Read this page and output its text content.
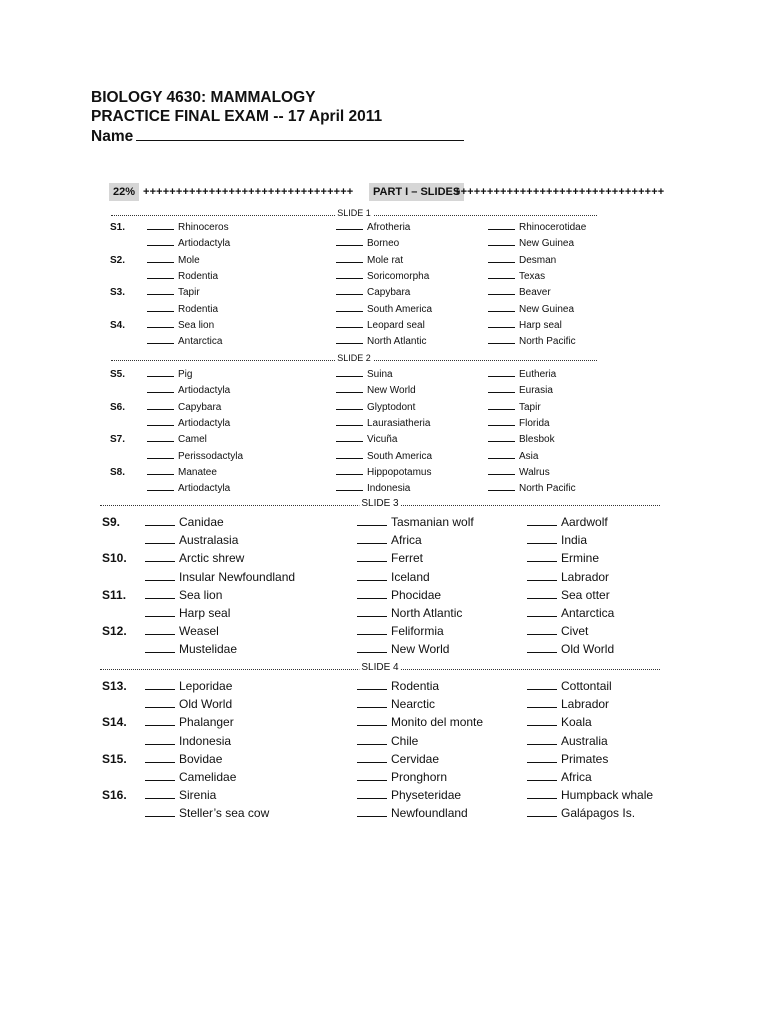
BIOLOGY 4630: MAMMALOGY
PRACTICE FINAL EXAM -- 17 April 2011
Name
22% ++++++++++++++++++++++++++++++++	PART I – SLIDES
++++++++++++++++++++++++++++++++
SLIDE 1
S1.	Rhinoceros	Afrotheria	Rhinocerotidae
Artiodactyla	Borneo	New Guinea
S2.	Mole	Mole rat	Desman
Rodentia	Soricomorpha	Texas
S3.	Tapir	Capybara	Beaver
Rodentia	South America	New Guinea
S4.	Sea lion	Leopard seal	Harp seal
Antarctica	North Atlantic	North Pacific
SLIDE 2
S5.	Pig	Suina	Eutheria
Artiodactyla	New World	Eurasia
S6.	Capybara	Glyptodont	Tapir
Artiodactyla	Laurasiatheria	Florida
S7.	Camel	Vicuña	Blesbok
Perissodactyla	South America	Asia
S8.	Manatee	Hippopotamus	Walrus
Artiodactyla	Indonesia	North Pacific
SLIDE 3
S9.	Canidae	Tasmanian wolf	Aardwolf
Australasia	Africa	India
S10.	Arctic shrew	Ferret	Ermine
Insular Newfoundland	Iceland	Labrador
S11.	Sea lion	Phocidae	Sea otter
Harp seal	North Atlantic	Antarctica
S12.	Weasel	Feliformia	Civet
Mustelidae	New World	Old World
SLIDE 4
S13.	Leporidae	Rodentia	Cottontail
Old World	Nearctic	Labrador
S14.	Phalanger	Monito del monte	Koala
Indonesia	Chile	Australia
S15.	Bovidae	Cervidae	Primates
Camelidae	Pronghorn	Africa
S16.	Sirenia	Physeteridae	Humpback whale
Steller’s sea cow	Newfoundland	Galápagos Is.
